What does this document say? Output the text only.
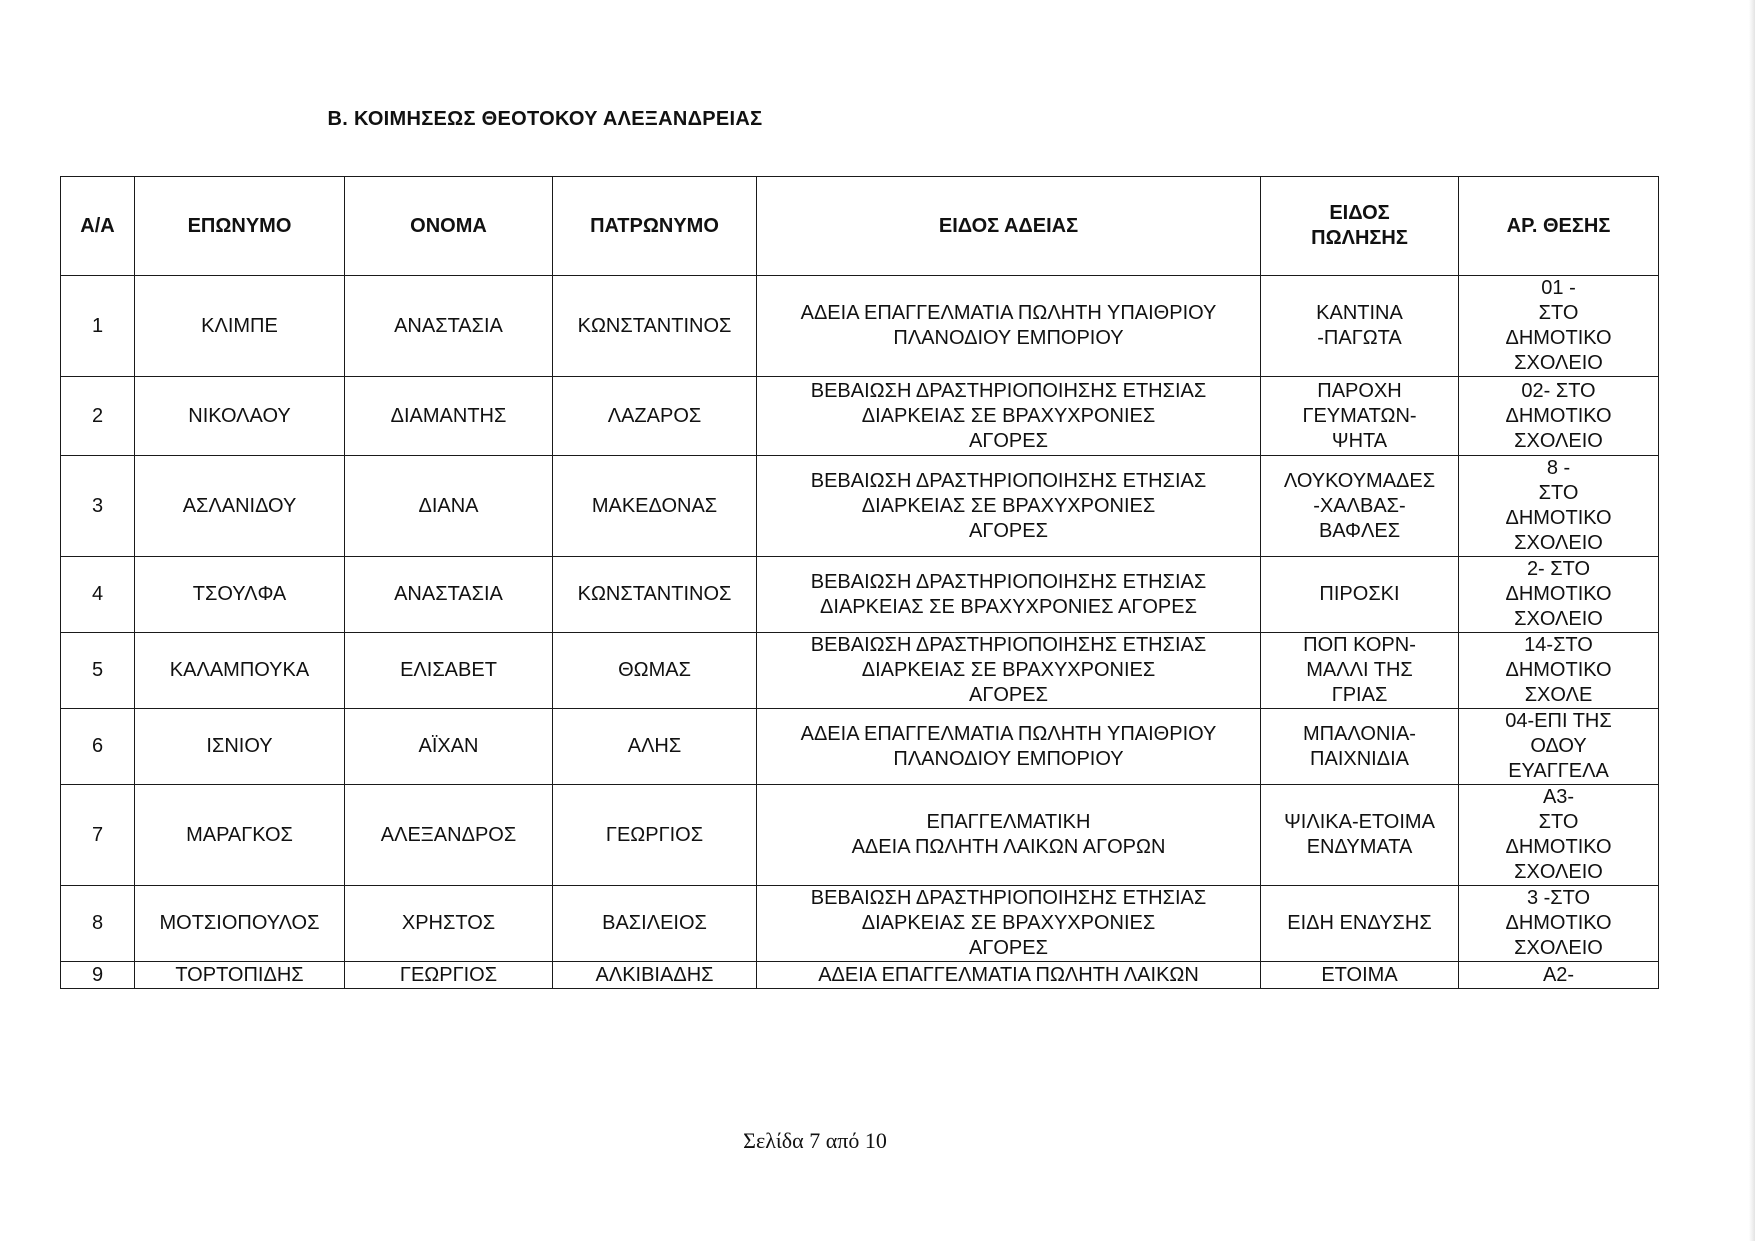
Β. ΚΟΙΜΗΣΕΩΣ ΘΕΟΤΟΚΟΥ ΑΛΕΞΑΝΔΡΕΙΑΣ
Α/Α	ΕΠΩΝΥΜΟ	ΟΝΟΜΑ	ΠΑΤΡΩΝΥΜΟ	ΕΙΔΟΣ ΑΔΕΙΑΣ	ΕΙΔΟΣ
ΠΩΛΗΣΗΣ	ΑΡ. ΘΕΣΗΣ
1	ΚΛΙΜΠΕ	ΑΝΑΣΤΑΣΙΑ	ΚΩΝΣΤΑΝΤΙΝΟΣ	ΑΔΕΙΑ ΕΠΑΓΓΕΛΜΑΤΙΑ ΠΩΛΗΤΗ ΥΠΑΙΘΡΙΟΥ
ΠΛΑΝΟΔΙΟΥ ΕΜΠΟΡΙΟΥ	ΚΑΝΤΙΝΑ
-ΠΑΓΩΤΑ	01 -
ΣΤΟ
ΔΗΜΟΤΙΚΟ
ΣΧΟΛΕΙΟ
2	ΝΙΚΟΛΑΟΥ	ΔΙΑΜΑΝΤΗΣ	ΛΑΖΑΡΟΣ	ΒΕΒΑΙΩΣΗ ΔΡΑΣΤΗΡΙΟΠΟΙΗΣΗΣ ΕΤΗΣΙΑΣ
ΔΙΑΡΚΕΙΑΣ ΣΕ ΒΡΑΧΥΧΡΟΝΙΕΣ
ΑΓΟΡΕΣ	ΠΑΡΟΧΗ
ΓΕΥΜΑΤΩΝ-
ΨΗΤΑ	02- ΣΤΟ
ΔΗΜΟΤΙΚΟ
ΣΧΟΛΕΙΟ
3	ΑΣΛΑΝΙΔΟΥ	ΔΙΑΝΑ	ΜΑΚΕΔΟΝΑΣ	ΒΕΒΑΙΩΣΗ ΔΡΑΣΤΗΡΙΟΠΟΙΗΣΗΣ ΕΤΗΣΙΑΣ
ΔΙΑΡΚΕΙΑΣ ΣΕ ΒΡΑΧΥΧΡΟΝΙΕΣ
ΑΓΟΡΕΣ	ΛΟΥΚΟΥΜΑΔΕΣ
-ΧΑΛΒΑΣ-
ΒΑΦΛΕΣ	8 -
ΣΤΟ
ΔΗΜΟΤΙΚΟ
ΣΧΟΛΕΙΟ
4	ΤΣΟΥΛΦΑ	ΑΝΑΣΤΑΣΙΑ	ΚΩΝΣΤΑΝΤΙΝΟΣ	ΒΕΒΑΙΩΣΗ ΔΡΑΣΤΗΡΙΟΠΟΙΗΣΗΣ ΕΤΗΣΙΑΣ
ΔΙΑΡΚΕΙΑΣ ΣΕ ΒΡΑΧΥΧΡΟΝΙΕΣ ΑΓΟΡΕΣ	ΠΙΡΟΣΚΙ	2- ΣΤΟ
ΔΗΜΟΤΙΚΟ
ΣΧΟΛΕΙΟ
5	ΚΑΛΑΜΠΟΥΚΑ	ΕΛΙΣΑΒΕΤ	ΘΩΜΑΣ	ΒΕΒΑΙΩΣΗ ΔΡΑΣΤΗΡΙΟΠΟΙΗΣΗΣ ΕΤΗΣΙΑΣ
ΔΙΑΡΚΕΙΑΣ ΣΕ ΒΡΑΧΥΧΡΟΝΙΕΣ
ΑΓΟΡΕΣ	ΠΟΠ ΚΟΡΝ-
ΜΑΛΛΙ ΤΗΣ
ΓΡΙΑΣ	14-ΣΤΟ
ΔΗΜΟΤΙΚΟ
ΣΧΟΛΕ
6	ΙΣΝΙΟΥ	ΑΪΧΑΝ	ΑΛΗΣ	ΑΔΕΙΑ ΕΠΑΓΓΕΛΜΑΤΙΑ ΠΩΛΗΤΗ ΥΠΑΙΘΡΙΟΥ
ΠΛΑΝΟΔΙΟΥ ΕΜΠΟΡΙΟΥ	ΜΠΑΛΟΝΙΑ-
ΠΑΙΧΝΙΔΙΑ	04-ΕΠΙ ΤΗΣ
ΟΔΟΥ
ΕΥΑΓΓΕΛΑ
7	ΜΑΡΑΓΚΟΣ	ΑΛΕΞΑΝΔΡΟΣ	ΓΕΩΡΓΙΟΣ	ΕΠΑΓΓΕΛΜΑΤΙΚΗ
ΑΔΕΙΑ ΠΩΛΗΤΗ ΛΑΙΚΩΝ ΑΓΟΡΩΝ	ΨΙΛΙΚΑ-ΕΤΟΙΜΑ
ΕΝΔΥΜΑΤΑ	Α3-
ΣΤΟ
ΔΗΜΟΤΙΚΟ
ΣΧΟΛΕΙΟ
8	ΜΟΤΣΙΟΠΟΥΛΟΣ	ΧΡΗΣΤΟΣ	ΒΑΣΙΛΕΙΟΣ	ΒΕΒΑΙΩΣΗ ΔΡΑΣΤΗΡΙΟΠΟΙΗΣΗΣ ΕΤΗΣΙΑΣ
ΔΙΑΡΚΕΙΑΣ ΣΕ ΒΡΑΧΥΧΡΟΝΙΕΣ
ΑΓΟΡΕΣ	ΕΙΔΗ ΕΝΔΥΣΗΣ	3 -ΣΤΟ
ΔΗΜΟΤΙΚΟ
ΣΧΟΛΕΙΟ
9	ΤΟΡΤΟΠΙΔΗΣ	ΓΕΩΡΓΙΟΣ	ΑΛΚΙΒΙΑΔΗΣ	ΑΔΕΙΑ ΕΠΑΓΓΕΛΜΑΤΙΑ ΠΩΛΗΤΗ ΛΑΙΚΩΝ	ΕΤΟΙΜΑ	Α2-
Σελίδα 7 από 10
